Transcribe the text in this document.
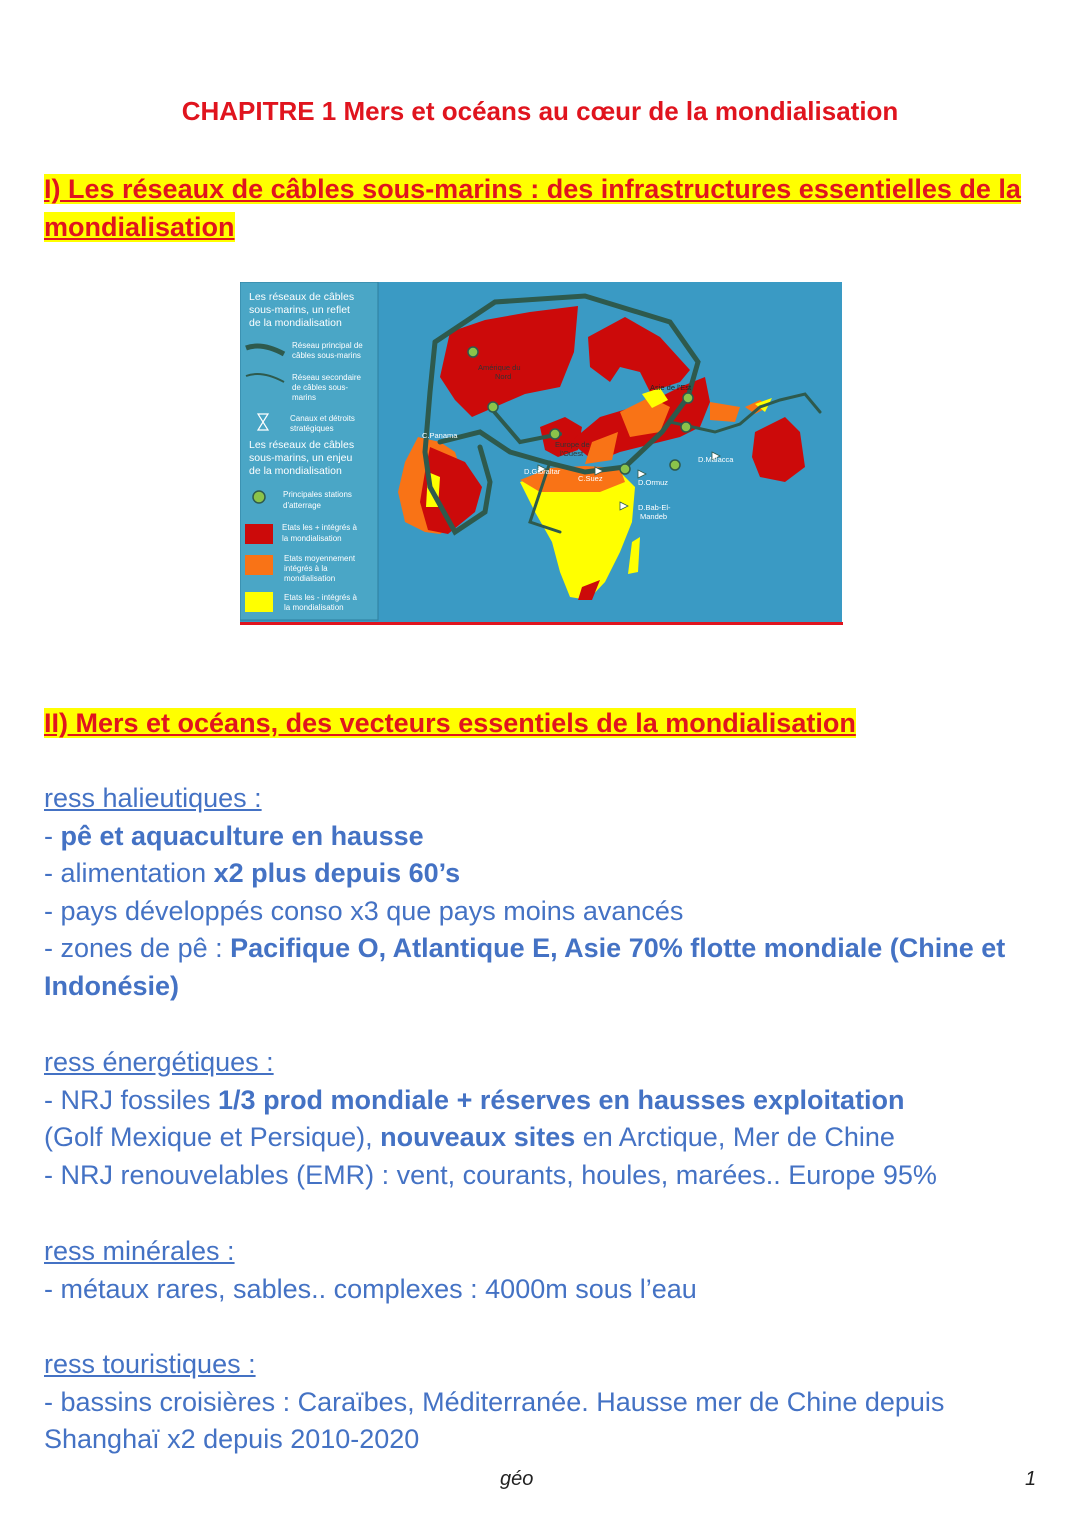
CHAPITRE 1 Mers et océans au cœur de la mondialisation
I) Les réseaux de câbles sous-marins : des infrastructures essentielles de la
mondialisation
Les réseaux de câbles
sous-marins, un reflet
de la mondialisation
Réseau principal de
câbles sous-marins
Réseau secondaire
de câbles sous-
marins
Canaux et détroits
stratégiques
Les réseaux de câbles
sous-marins, un enjeu
de la mondialisation
Principales stations
d'atterrage
Etats les + intégrés à
la mondialisation
Etats moyennement
intégrés à la
mondialisation
Etats les - intégrés à
la mondialisation
Amérique du
Nord
Asie de l'Est
C.Panama
Europe de
l'Ouest
D.Gibraltar
C.Suez	D.Ormuz
D.Malacca
D.Bab-El-
Mandeb
II) Mers et océans, des vecteurs essentiels de la mondialisation
ress halieutiques :
- pê et aquaculture en hausse
- alimentation x2 plus depuis 60’s
- pays développés conso x3 que pays moins avancés
- zones de pê : Pacifique O, Atlantique E, Asie 70% flotte mondiale (Chine et
Indonésie)
ress énergétiques :
- NRJ fossiles 1/3 prod mondiale + réserves en hausses exploitation
(Golf Mexique et Persique), nouveaux sites en Arctique, Mer de Chine
- NRJ renouvelables (EMR) : vent, courants, houles, marées.. Europe 95%
ress minérales :
- métaux rares, sables.. complexes : 4000m sous l’eau
ress touristiques :
- bassins croisières : Caraïbes, Méditerranée. Hausse mer de Chine depuis
Shanghaï x2 depuis 2010-2020
géo	1
